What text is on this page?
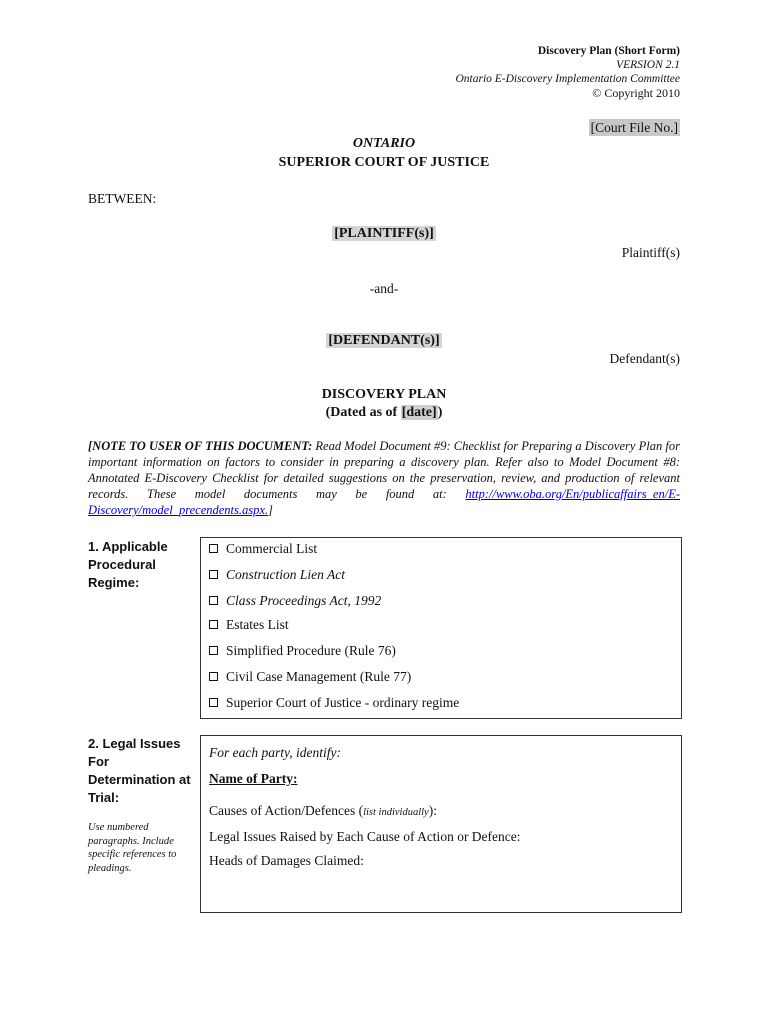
Discovery Plan (Short Form)
VERSION 2.1
Ontario E-Discovery Implementation Committee
© Copyright 2010
[Court File No.]
ONTARIO
SUPERIOR COURT OF JUSTICE
BETWEEN:
[PLAINTIFF(s)]
Plaintiff(s)
-and-
[DEFENDANT(s)]
Defendant(s)
DISCOVERY PLAN
(Dated as of [date])
[NOTE TO USER OF THIS DOCUMENT: Read Model Document #9: Checklist for Preparing a Discovery Plan for important information on factors to consider in preparing a discovery plan. Refer also to Model Document #8: Annotated E-Discovery Checklist for detailed suggestions on the preservation, review, and production of relevant records. These model documents may be found at: http://www.oba.org/En/publicaffairs_en/E-Discovery/model_precendents.aspx.]
1. Applicable Procedural Regime:
Commercial List
Construction Lien Act
Class Proceedings Act, 1992
Estates List
Simplified Procedure (Rule 76)
Civil Case Management (Rule 77)
Superior Court of Justice - ordinary regime
2. Legal Issues For Determination at Trial:
Use numbered paragraphs. Include specific references to pleadings.
For each party, identify:
Name of Party:
Causes of Action/Defences (list individually):
Legal Issues Raised by Each Cause of Action or Defence:
Heads of Damages Claimed:
